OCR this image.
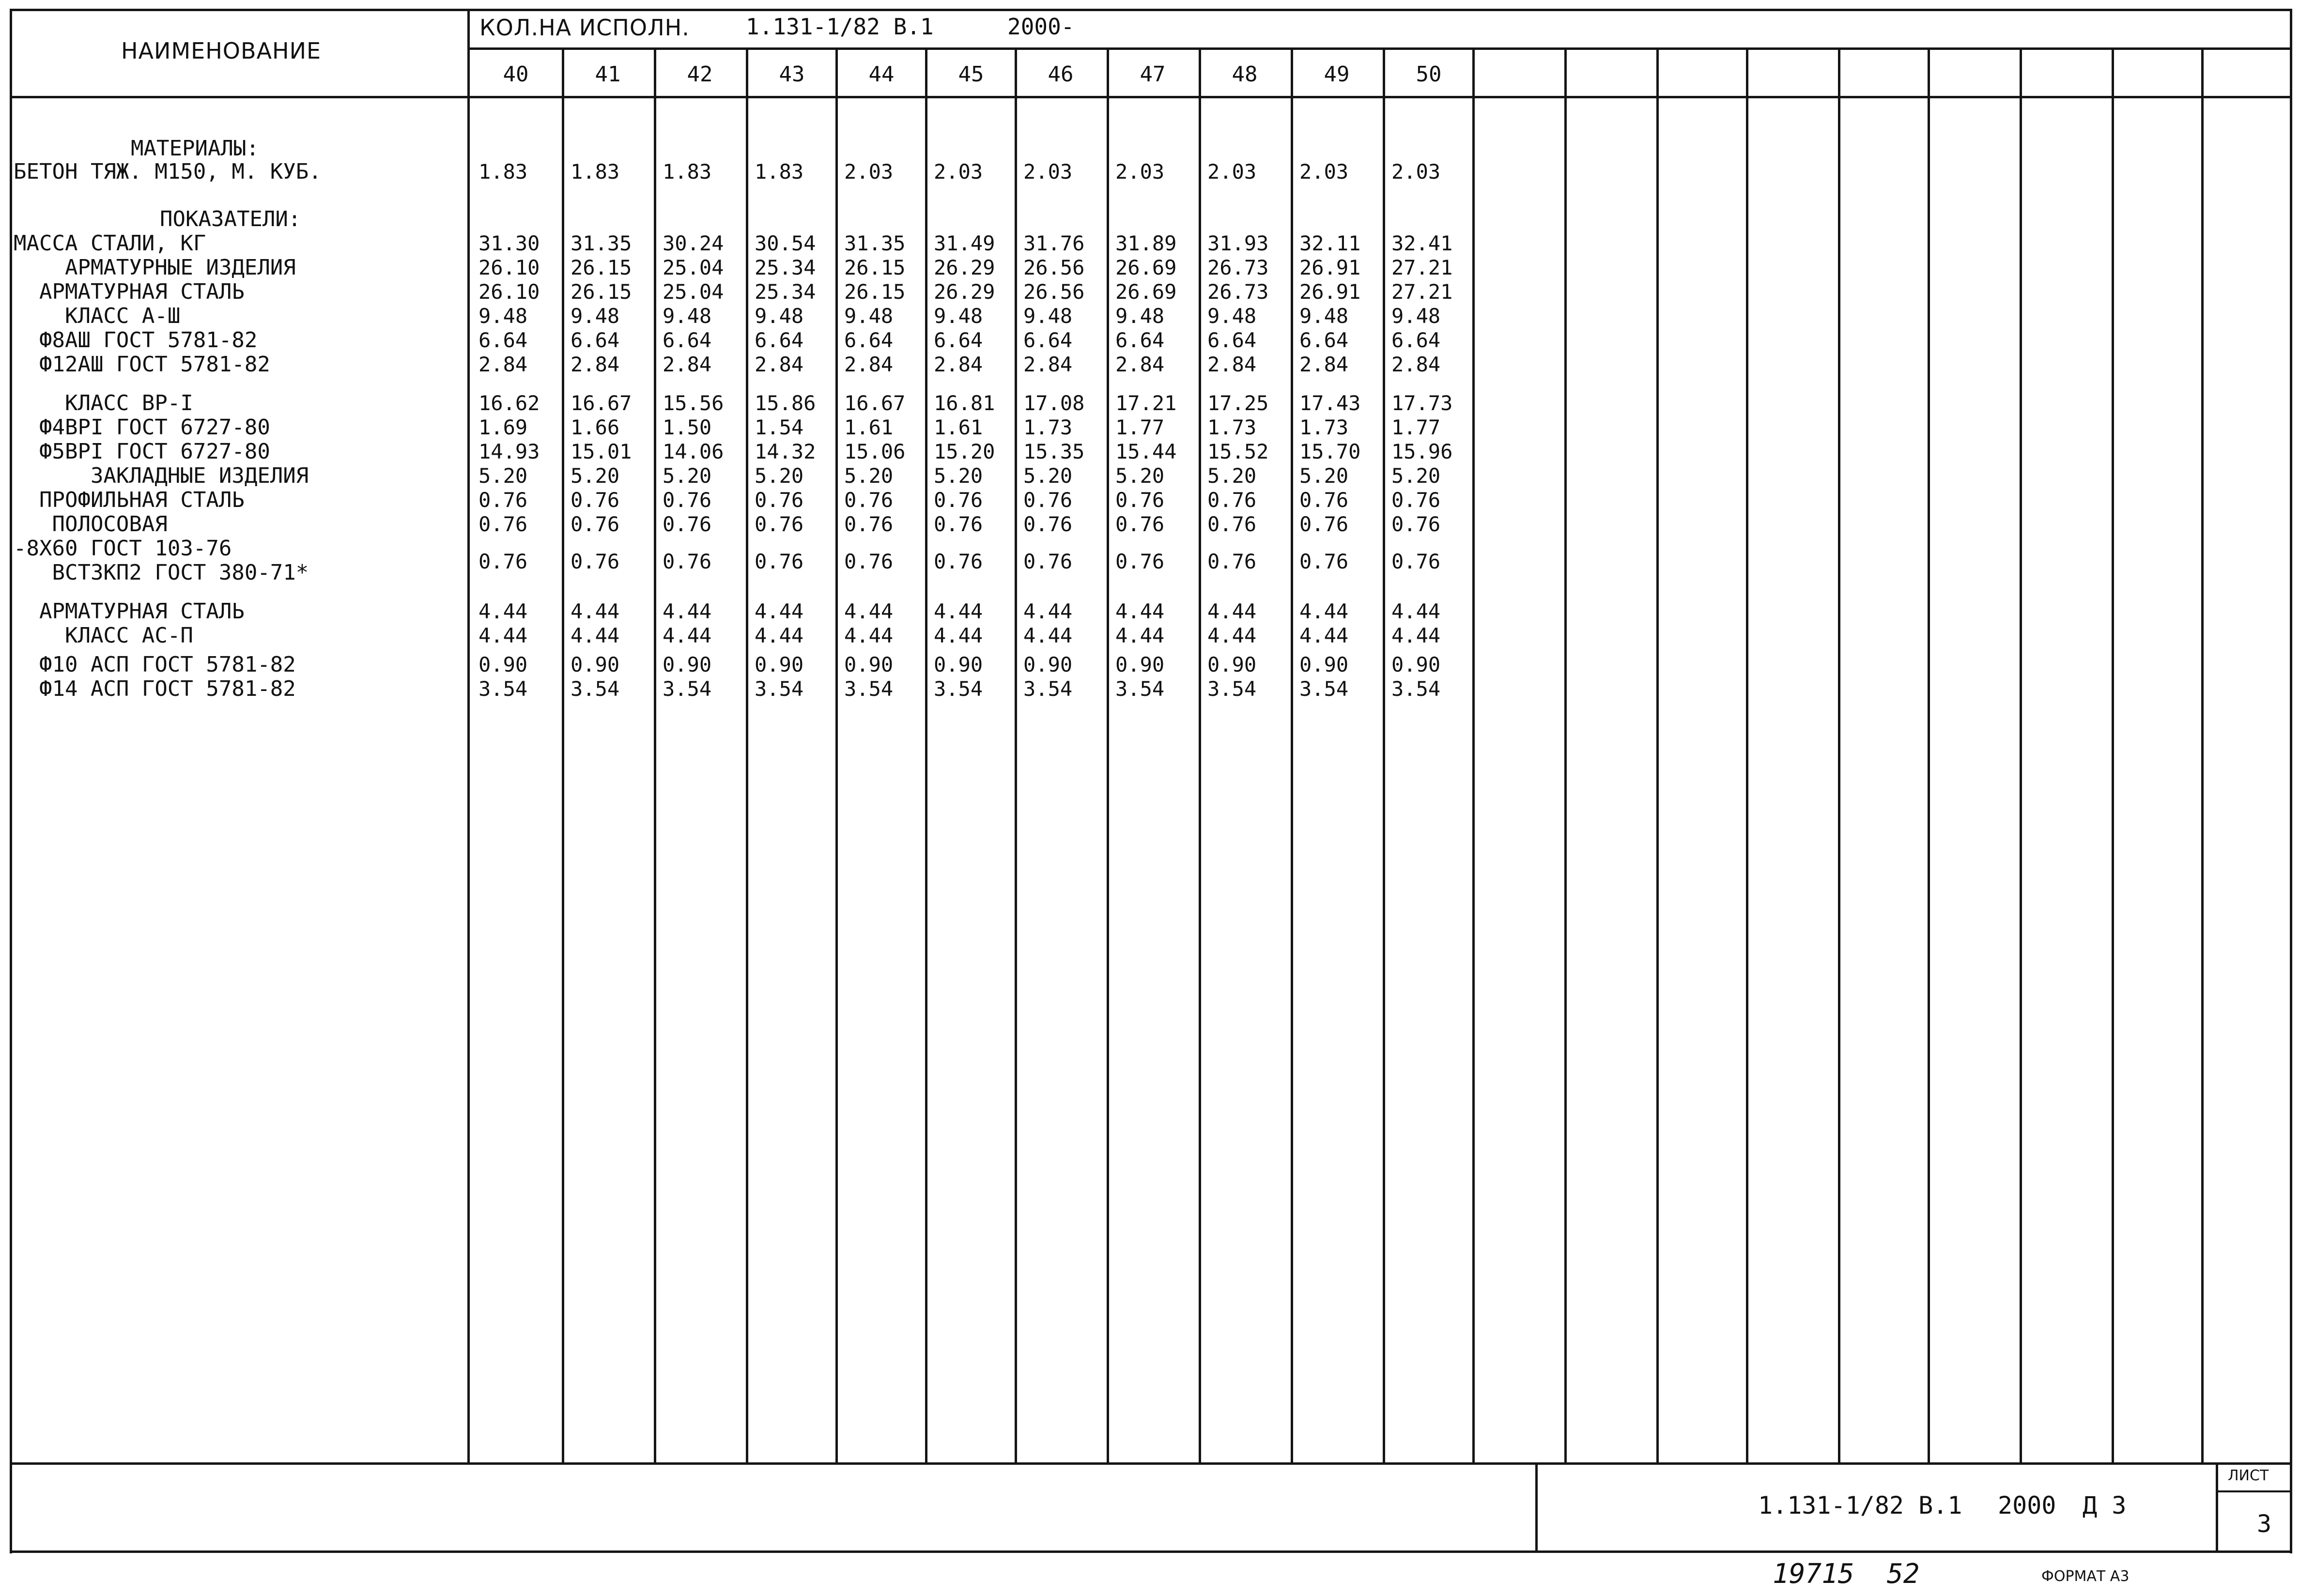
НАИМЕНОВАНИЕ
КОЛ.НА ИСПОЛН.	1.131-1/82 В.1	2000-
40	41	42	43	44	45	46	47	48	49	50
МАТЕРИАЛЫ:
БЕТОН ТЯЖ. М150, М. КУБ.	1.83 1.83 1.83 1.83 2.03 2.03 2.03 2.03 2.03 2.03 2.03
ПОКАЗАТЕЛИ:
МАССА СТАЛИ, КГ	31.30 31.35 30.24 30.54 31.35 31.49 31.76 31.89 31.93 32.11 32.41
АРМАТУРНЫЕ ИЗДЕЛИЯ	26.10 26.15 25.04 25.34 26.15 26.29 26.56 26.69 26.73 26.91 27.21
АРМАТУРНАЯ СТАЛЬ	26.10 26.15 25.04 25.34 26.15 26.29 26.56 26.69 26.73 26.91 27.21
КЛАСС А-Ш	9.48 9.48 9.48 9.48 9.48 9.48 9.48 9.48 9.48 9.48 9.48
Ф8АШ ГОСТ 5781-82	6.64 6.64 6.64 6.64 6.64 6.64 6.64 6.64 6.64 6.64 6.64
Ф12АШ ГОСТ 5781-82	2.84 2.84 2.84 2.84 2.84 2.84 2.84 2.84 2.84 2.84 2.84
КЛАСС ВР-I	16.62 16.67 15.56 15.86 16.67 16.81 17.08 17.21 17.25 17.43 17.73
Ф4ВРI ГОСТ 6727-80	1.69 1.66 1.50 1.54 1.61 1.61 1.73 1.77 1.73 1.73 1.77
Ф5ВРI ГОСТ 6727-80	14.93 15.01 14.06 14.32 15.06 15.20 15.35 15.44 15.52 15.70 15.96
ЗАКЛАДНЫЕ ИЗДЕЛИЯ	5.20 5.20 5.20 5.20 5.20 5.20 5.20 5.20 5.20 5.20 5.20
ПРОФИЛЬНАЯ СТАЛЬ	0.76 0.76 0.76 0.76 0.76 0.76 0.76 0.76 0.76 0.76 0.76
ПОЛОСОВАЯ	0.76 0.76 0.76 0.76 0.76 0.76 0.76 0.76 0.76 0.76 0.76
-8Х60 ГОСТ 103-76
ВСТ3КП2 ГОСТ 380-71*	0.76 0.76 0.76 0.76 0.76 0.76 0.76 0.76 0.76 0.76 0.76
АРМАТУРНАЯ СТАЛЬ	4.44 4.44 4.44 4.44 4.44 4.44 4.44 4.44 4.44 4.44 4.44
КЛАСС АС-П	4.44 4.44 4.44 4.44 4.44 4.44 4.44 4.44 4.44 4.44 4.44
Ф10 АСП ГОСТ 5781-82	0.90 0.90 0.90 0.90 0.90 0.90 0.90 0.90 0.90 0.90 0.90
Ф14 АСП ГОСТ 5781-82	3.54 3.54 3.54 3.54 3.54 3.54 3.54 3.54 3.54 3.54 3.54
1.131-1/82 В.1 2000 Д 3
ЛИСТ
3
19715  52	ФОРМАТ А3
